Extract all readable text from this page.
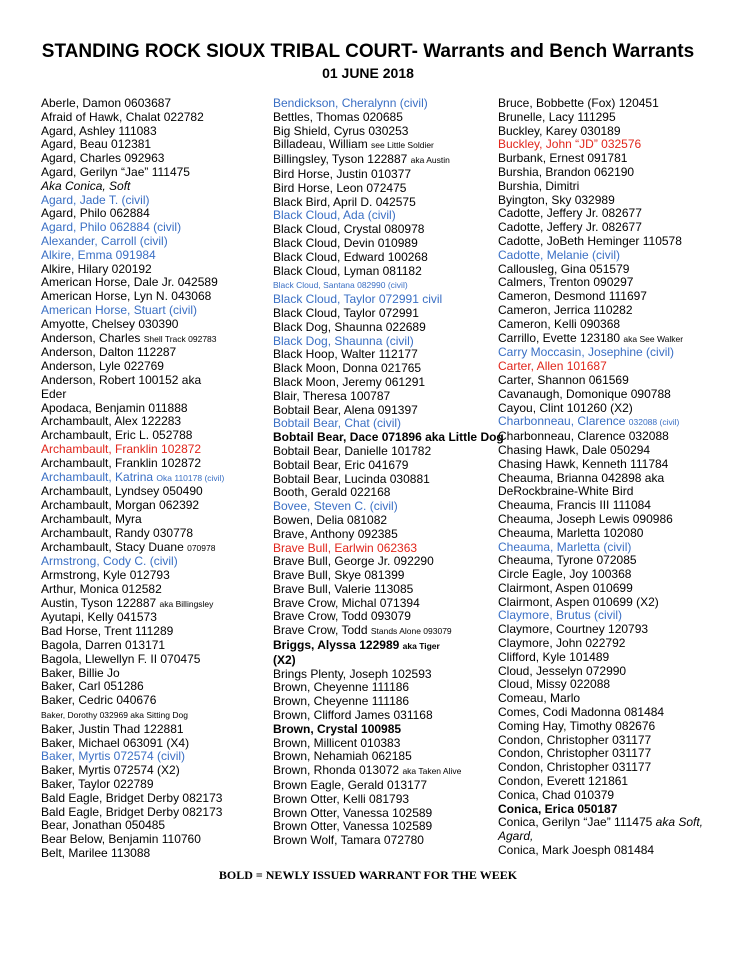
STANDING ROCK SIOUX TRIBAL COURT- Warrants and Bench Warrants
01 JUNE 2018
Aberle, Damon 0603687
Afraid of Hawk, Chalat 022782
Agard, Ashley 111083
Agard, Beau 012381
Agard, Charles 092963
Agard, Gerilyn “Jae” 111475
Aka Conica, Soft
Agard, Jade T. (civil)
Agard, Philo 062884
Agard, Philo 062884 (civil)
Alexander, Carroll (civil)
Alkire, Emma 091984
Alkire, Hilary 020192
American Horse, Dale Jr. 042589
American Horse, Lyn N. 043068
American Horse, Stuart (civil)
Amyotte, Chelsey 030390
Anderson, Charles Shell Track 092783
Anderson, Dalton 112287
Anderson, Lyle 022769
Anderson, Robert 100152 aka
Eder
Apodaca, Benjamin 011888
Archambault, Alex 122283
Archambault, Eric L. 052788
Archambault, Franklin 102872
Archambault, Franklin 102872
Archambault, Katrina Oka 110178 (civil)
Archambault, Lyndsey 050490
Archambault, Morgan 062392
Archambault, Myra
Archambault, Randy 030778
Archambault, Stacy Duane 070978
Armstrong, Cody C. (civil)
Armstrong, Kyle 012793
Arthur, Monica 012582
Austin, Tyson 122887 aka Billingsley
Ayutapi, Kelly 041573
Bad Horse, Trent 111289
Bagola, Darren 013171
Bagola, Llewellyn F. II 070475
Baker, Billie Jo
Baker, Carl 051286
Baker, Cedric 040676
Baker, Dorothy 032969 aka Sitting Dog
Baker, Justin Thad 122881
Baker, Michael 063091 (X4)
Baker, Myrtis 072574 (civil)
Baker, Myrtis 072574 (X2)
Baker, Taylor 022789
Bald Eagle, Bridget Derby 082173
Bald Eagle, Bridget Derby 082173
Bear, Jonathan 050485
Bear Below, Benjamin 110760
Belt, Marilee 113088
Bendickson, Cheralynn (civil)
Bettles, Thomas 020685
Big Shield, Cyrus 030253
Billadeau, William see Little Soldier
Billingsley, Tyson 122887 aka Austin
Bird Horse, Justin 010377
Bird Horse, Leon 072475
Black Bird, April D. 042575
Black Cloud, Ada (civil)
Black Cloud, Crystal 080978
Black Cloud, Devin 010989
Black Cloud, Edward 100268
Black Cloud, Lyman 081182
Black Cloud, Santana 082990 (civil)
Black Cloud, Taylor 072991 civil
Black Cloud, Taylor 072991
Black Dog, Shaunna 022689
Black Dog, Shaunna (civil)
Black Hoop, Walter 112177
Black Moon, Donna 021765
Black Moon, Jeremy 061291
Blair, Theresa 100787
Bobtail Bear, Alena 091397
Bobtail Bear, Chat (civil)
Bobtail Bear, Dace 071896 aka Little Dog
Bobtail Bear, Danielle 101782
Bobtail Bear, Eric 041679
Bobtail Bear, Lucinda 030881
Booth, Gerald 022168
Bovee, Steven C. (civil)
Bowen, Delia 081082
Brave, Anthony 092385
Brave Bull, Earlwin 062363
Brave Bull, George Jr. 092290
Brave Bull, Skye 081399
Brave Bull, Valerie 113085
Brave Crow, Michal 071394
Brave Crow, Todd 093079
Brave Crow, Todd Stands Alone 093079
Briggs, Alyssa 122989 aka Tiger
(X2)
Brings Plenty, Joseph 102593
Brown, Cheyenne 111186
Brown, Cheyenne 111186
Brown, Clifford James 031168
Brown, Crystal 100985
Brown, Millicent 010383
Brown, Nehamiah 062185
Brown, Rhonda 013072 aka Taken Alive
Brown Eagle, Gerald 013177
Brown Otter, Kelli 081793
Brown Otter, Vanessa 102589
Brown Otter, Vanessa 102589
Brown Wolf, Tamara 072780
Bruce, Bobbette (Fox) 120451
Brunelle, Lacy 111295
Buckley, Karey 030189
Buckley, John “JD” 032576
Burbank, Ernest 091781
Burshia, Brandon 062190
Burshia, Dimitri
Byington, Sky 032989
Cadotte, Jeffery Jr. 082677
Cadotte, Jeffery Jr. 082677
Cadotte, JoBeth Heminger 110578
Cadotte, Melanie (civil)
Callousleg, Gina 051579
Calmers, Trenton 090297
Cameron, Desmond 111697
Cameron, Jerrica 110282
Cameron, Kelli 090368
Carrillo, Evette 123180 aka See Walker
Carry Moccasin, Josephine (civil)
Carter, Allen 101687
Carter, Shannon 061569
Cavanaugh, Domonique 090788
Cayou, Clint 101260 (X2)
Charbonneau, Clarence 032088 (civil)
Charbonneau, Clarence 032088
Chasing Hawk, Dale 050294
Chasing Hawk, Kenneth 111784
Cheauma, Brianna 042898 aka
DeRockbraine-White Bird
Cheauma, Francis III 111084
Cheauma, Joseph Lewis 090986
Cheauma, Marletta 102080
Cheauma, Marletta (civil)
Cheauma, Tyrone 072085
Circle Eagle, Joy 100368
Clairmont, Aspen 010699
Clairmont, Aspen 010699 (X2)
Claymore, Brutus (civil)
Claymore, Courtney 120793
Claymore, John 022792
Clifford, Kyle 101489
Cloud, Jesselyn 072990
Cloud, Missy 022088
Comeau, Marlo
Comes, Codi Madonna 081484
Coming Hay, Timothy 082676
Condon, Christopher 031177
Condon, Christopher 031177
Condon, Christopher 031177
Condon, Everett 121861
Conica, Chad 010379
Conica, Erica 050187
Conica, Gerilyn “Jae” 111475 aka Soft,
Agard,
Conica, Mark Joesph 081484
BOLD = NEWLY ISSUED WARRANT FOR THE WEEK
